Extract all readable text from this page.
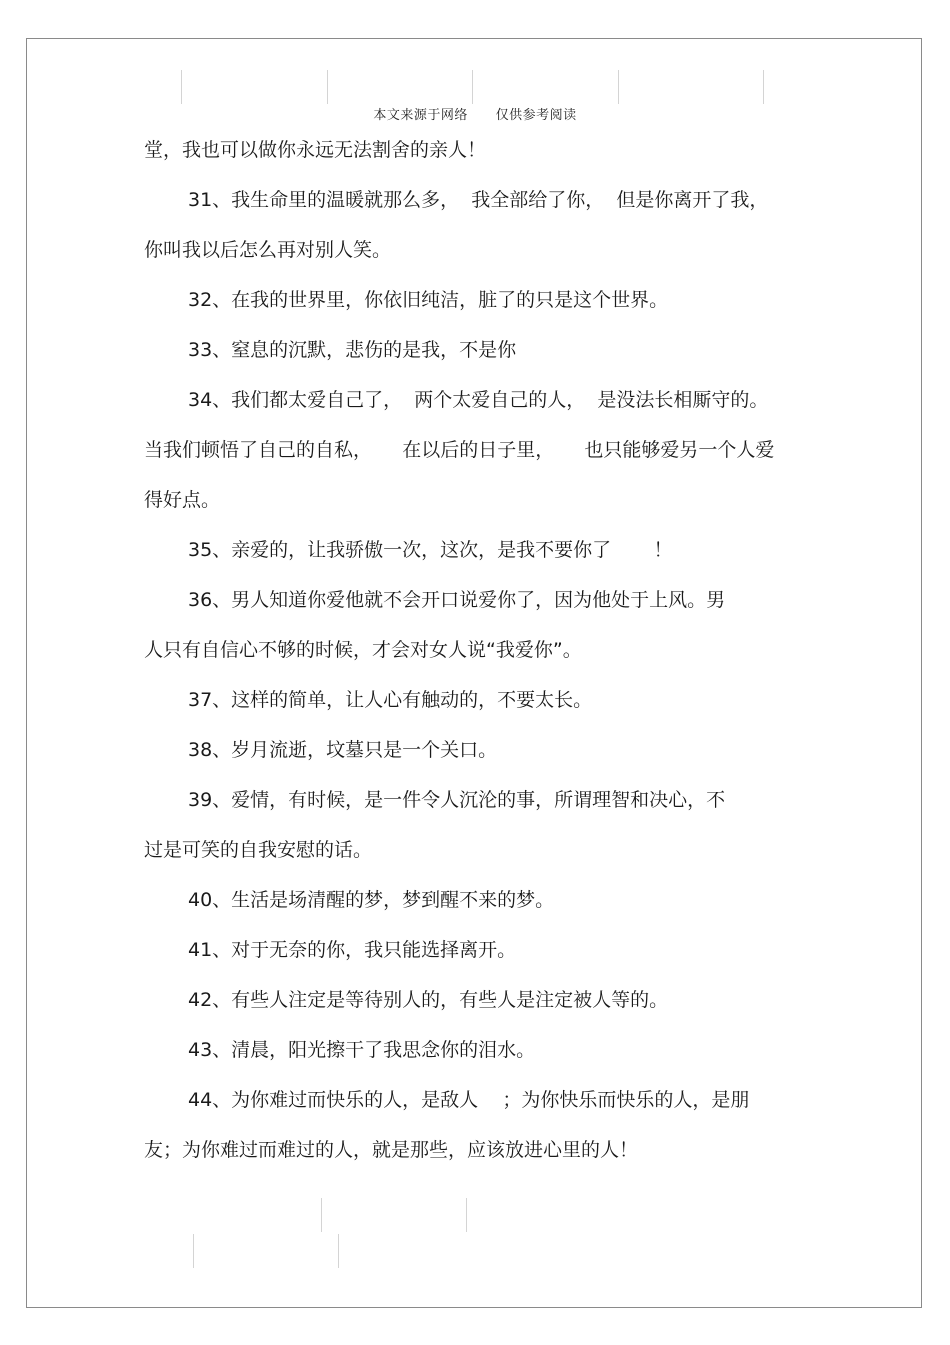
本文来源于网络      仅供参考阅读
堂，我也可以做你永远无法割舍的亲人！
31、我生命里的温暖就那么多，  我全部给了你，  但是你离开了我，
你叫我以后怎么再对别人笑。
32、在我的世界里，你依旧纯洁，脏了的只是这个世界。
33、窒息的沉默，悲伤的是我，不是你
34、我们都太爱自己了，  两个太爱自己的人，  是没法长相厮守的。
当我们顿悟了自己的自私，     在以后的日子里，     也只能够爱另一个人爱
得好点。
35、亲爱的，让我骄傲一次，这次，是我不要你了       ！
36、男人知道你爱他就不会开口说爱你了，因为他处于上风。男
人只有自信心不够的时候，才会对女人说“我爱你”。
37、这样的简单，让人心有触动的，不要太长。
38、岁月流逝，坟墓只是一个关口。
39、爱情，有时候，是一件令人沉沦的事，所谓理智和决心，不
过是可笑的自我安慰的话。
40、生活是场清醒的梦，梦到醒不来的梦。
41、对于无奈的你，我只能选择离开。
42、有些人注定是等待别人的，有些人是注定被人等的。
43、清晨，阳光擦干了我思念你的泪水。
44、为你难过而快乐的人，是敌人    ；为你快乐而快乐的人，是朋
友；为你难过而难过的人，就是那些，应该放进心里的人！
